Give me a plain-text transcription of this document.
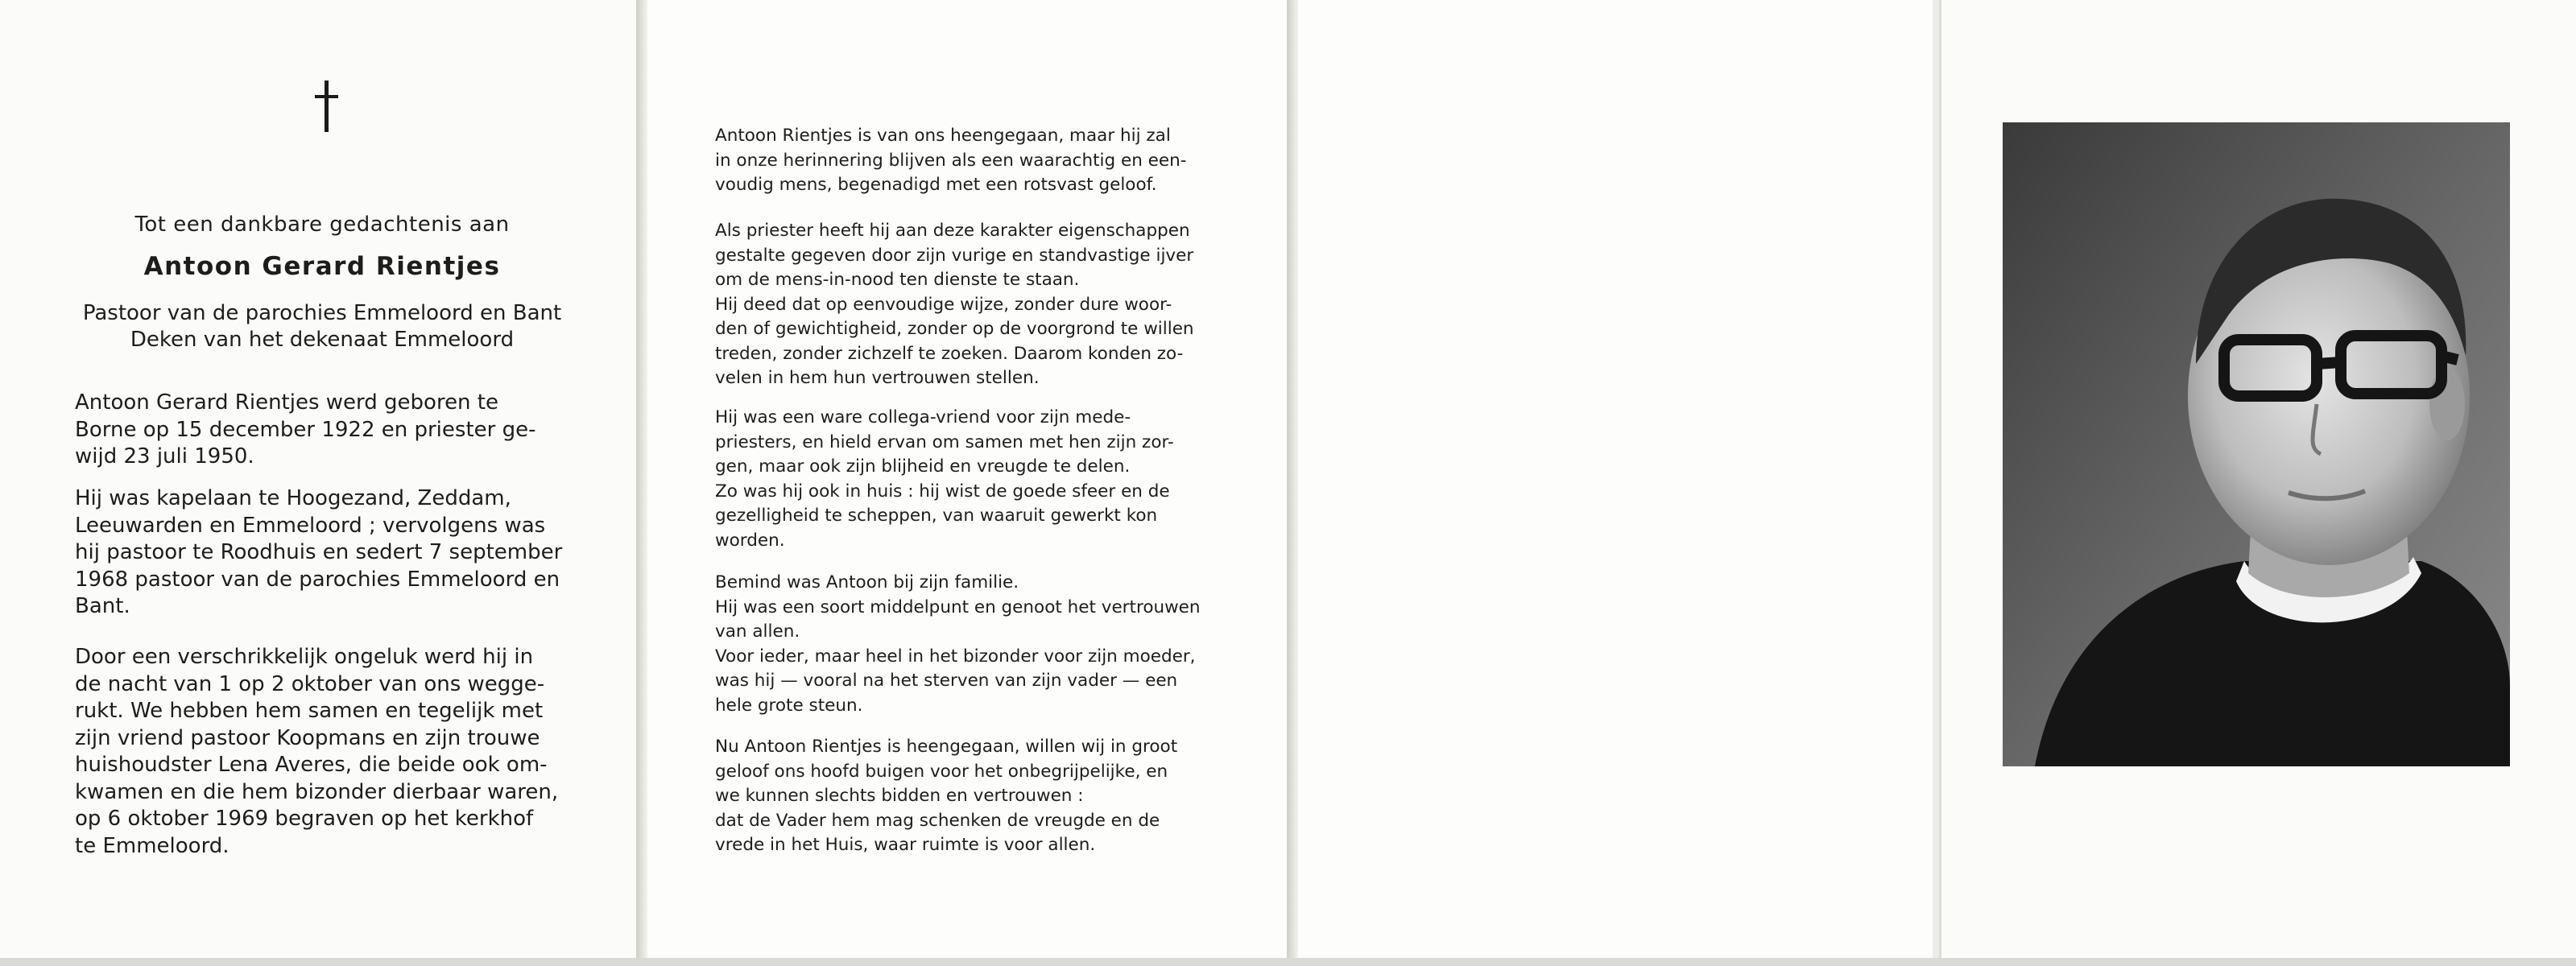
Tot een dankbare gedachtenis aan
Antoon Gerard Rientjes
Pastoor van de parochies Emmeloord en Bant
Deken van het dekenaat Emmeloord
Antoon Gerard Rientjes werd geboren te
Borne op 15 december 1922 en priester ge-
wijd 23 juli 1950.
Hij was kapelaan te Hoogezand, Zeddam,
Leeuwarden en Emmeloord ; vervolgens was
hij pastoor te Roodhuis en sedert 7 september
1968 pastoor van de parochies Emmeloord en
Bant.
Door een verschrikkelijk ongeluk werd hij in
de nacht van 1 op 2 oktober van ons wegge-
rukt. We hebben hem samen en tegelijk met
zijn vriend pastoor Koopmans en zijn trouwe
huishoudster Lena Averes, die beide ook om-
kwamen en die hem bizonder dierbaar waren,
op 6 oktober 1969 begraven op het kerkhof
te Emmeloord.
Antoon Rientjes is van ons heengegaan, maar hij zal
in onze herinnering blijven als een waarachtig en een-
voudig mens, begenadigd met een rotsvast geloof.
Als priester heeft hij aan deze karakter eigenschappen
gestalte gegeven door zijn vurige en standvastige ijver
om de mens-in-nood ten dienste te staan.
Hij deed dat op eenvoudige wijze, zonder dure woor-
den of gewichtigheid, zonder op de voorgrond te willen
treden, zonder zichzelf te zoeken. Daarom konden zo-
velen in hem hun vertrouwen stellen.
Hij was een ware collega-vriend voor zijn mede-
priesters, en hield ervan om samen met hen zijn zor-
gen, maar ook zijn blijheid en vreugde te delen.
Zo was hij ook in huis : hij wist de goede sfeer en de
gezelligheid te scheppen, van waaruit gewerkt kon
worden.
Bemind was Antoon bij zijn familie.
Hij was een soort middelpunt en genoot het vertrouwen
van allen.
Voor ieder, maar heel in het bizonder voor zijn moeder,
was hij — vooral na het sterven van zijn vader — een
hele grote steun.
Nu Antoon Rientjes is heengegaan, willen wij in groot
geloof ons hoofd buigen voor het onbegrijpelijke, en
we kunnen slechts bidden en vertrouwen :
dat de Vader hem mag schenken de vreugde en de
vrede in het Huis, waar ruimte is voor allen.
